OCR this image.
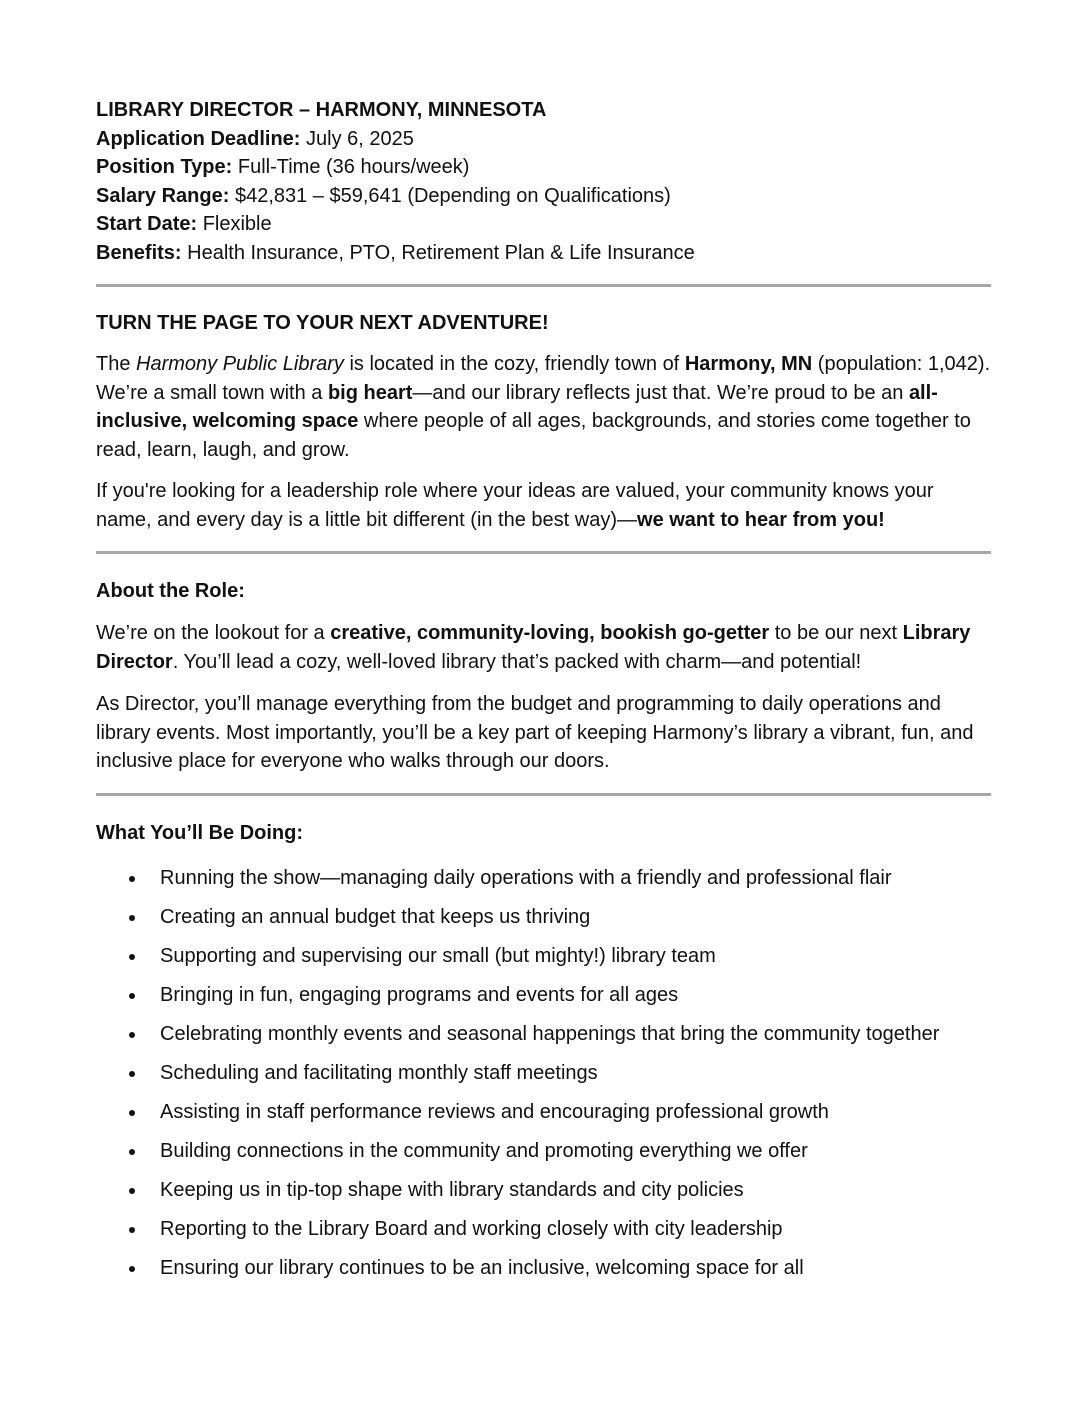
LIBRARY DIRECTOR – HARMONY, MINNESOTA

Application Deadline: July 6, 2025

Position Type: Full-Time (36 hours/week)

Salary Range: $42,831 – $59,641 (Depending on Qualifications)

Start Date: Flexible

Benefits: Health Insurance, PTO, Retirement Plan & Life Insurance

TURN THE PAGE TO YOUR NEXT ADVENTURE!

The Harmony Public Library is located in the cozy, friendly town of Harmony, MN (population: 1,042). We’re a small town with a big heart—and our library reflects just that. We’re proud to be an all-inclusive, welcoming space where people of all ages, backgrounds, and stories come together to read, learn, laugh, and grow.

If you're looking for a leadership role where your ideas are valued, your community knows your name, and every day is a little bit different (in the best way)—we want to hear from you!

About the Role:

We’re on the lookout for a creative, community-loving, bookish go-getter to be our next Library Director. You’ll lead a cozy, well-loved library that’s packed with charm—and potential!

As Director, you’ll manage everything from the budget and programming to daily operations and library events. Most importantly, you’ll be a key part of keeping Harmony’s library a vibrant, fun, and inclusive place for everyone who walks through our doors.

What You’ll Be Doing:

Running the show—managing daily operations with a friendly and professional flair
Creating an annual budget that keeps us thriving
Supporting and supervising our small (but mighty!) library team
Bringing in fun, engaging programs and events for all ages
Celebrating monthly events and seasonal happenings that bring the community together
Scheduling and facilitating monthly staff meetings
Assisting in staff performance reviews and encouraging professional growth
Building connections in the community and promoting everything we offer
Keeping us in tip-top shape with library standards and city policies
Reporting to the Library Board and working closely with city leadership
Ensuring our library continues to be an inclusive, welcoming space for all
